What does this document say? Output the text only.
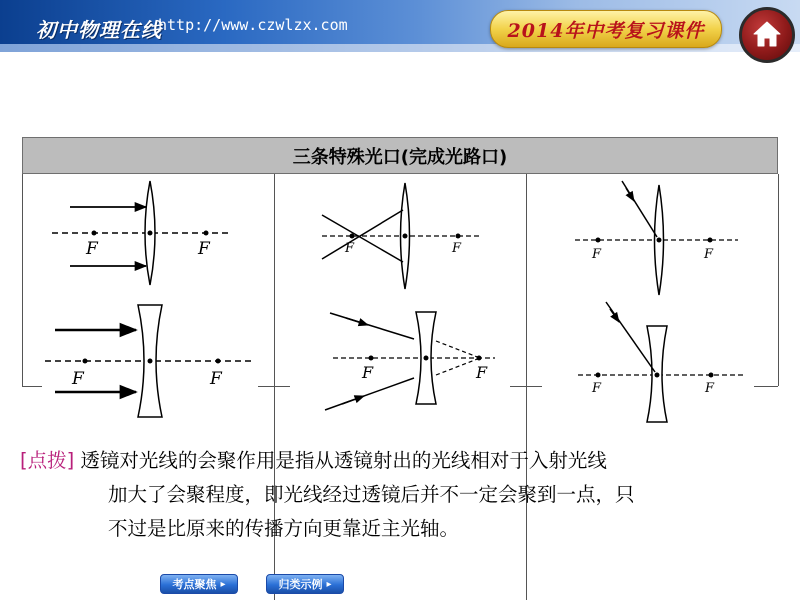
初中物理在线
http://www.czwlzx.com	2014年中考复习课件
三条特殊光口(完成光路口)
F	F	F	F	F	F
F	F	F	F
F	F
[点拨] 透镜对光线的会聚作用是指从透镜射出的光线相对于入射光线
加大了会聚程度，即光线经过透镜后并不一定会聚到一点，只
不过是比原来的传播方向更靠近主光轴。
考点聚焦 ▸	归类示例 ▸
